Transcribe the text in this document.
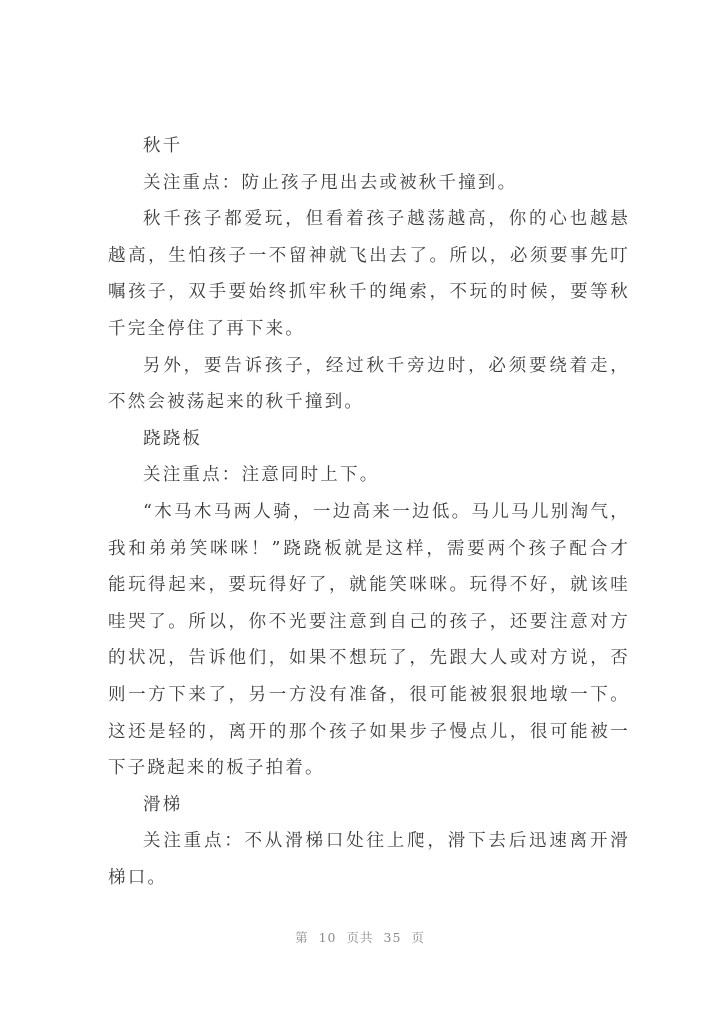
秋千

关注重点：防止孩子甩出去或被秋千撞到。

秋千孩子都爱玩，但看着孩子越荡越高，你的心也越悬越高，生怕孩子一不留神就飞出去了。所以，必须要事先叮嘱孩子，双手要始终抓牢秋千的绳索，不玩的时候，要等秋千完全停住了再下来。

另外，要告诉孩子，经过秋千旁边时，必须要绕着走，不然会被荡起来的秋千撞到。

跷跷板

关注重点：注意同时上下。

“木马木马两人骑，一边高来一边低。马儿马儿别淘气，我和弟弟笑咪咪！”跷跷板就是这样，需要两个孩子配合才能玩得起来，要玩得好了，就能笑咪咪。玩得不好，就该哇哇哭了。所以，你不光要注意到自己的孩子，还要注意对方的状况，告诉他们，如果不想玩了，先跟大人或对方说，否则一方下来了，另一方没有准备，很可能被狠狠地墩一下。这还是轻的，离开的那个孩子如果步子慢点儿，很可能被一下子跷起来的板子拍着。

滑梯

关注重点：不从滑梯口处往上爬，滑下去后迅速离开滑梯口。

第 10 页共 35 页
